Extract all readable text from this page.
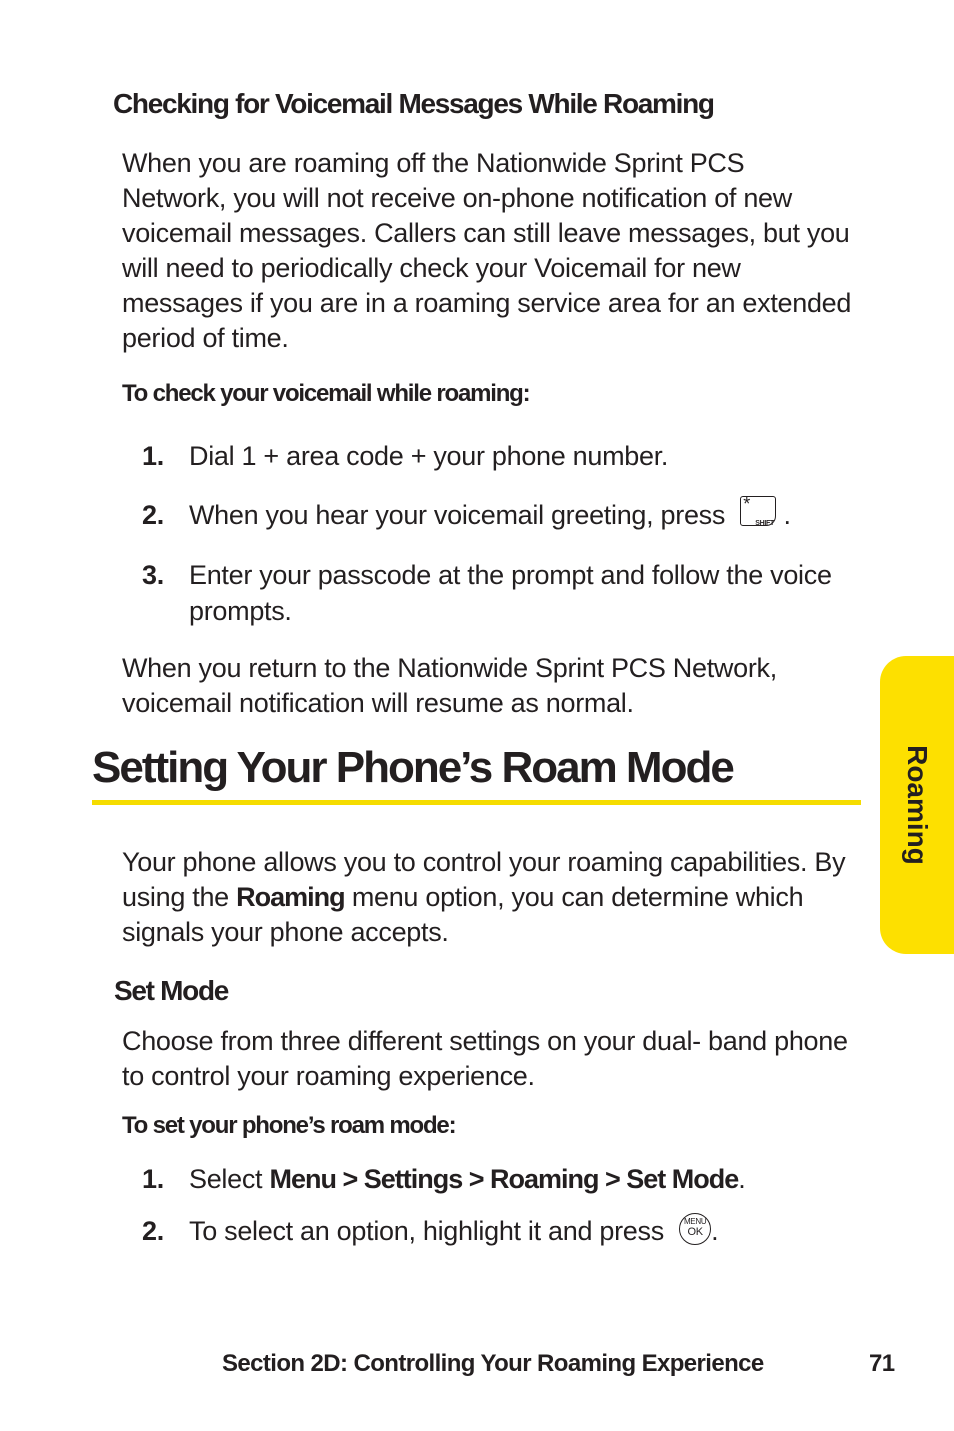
Checking for Voicemail Messages While Roaming
When you are roaming off the Nationwide Sprint PCS Network, you will not receive on-phone notification of new voicemail messages. Callers can still leave messages, but you will need to periodically check your Voicemail for new messages if you are in a roaming service area for an extended period of time.
To check your voicemail while roaming:
1. Dial 1 + area code + your phone number.
2. When you hear your voicemail greeting, press *
SHIFT .
3. Enter your passcode at the prompt and follow the voice prompts.
When you return to the Nationwide Sprint PCS Network, voicemail notification will resume as normal.
Setting Your Phone’s Roam Mode
Your phone allows you to control your roaming capabilities. By using the Roaming menu option, you can determine which signals your phone accepts.
Set Mode
Choose from three different settings on your dual- band phone to control your roaming experience.
To set your phone’s roam mode:
1. Select Menu > Settings > Roaming > Set Mode.
2. To select an option, highlight it and press	MENU
OK .
Roaming
Section 2D: Controlling Your Roaming Experience	71
